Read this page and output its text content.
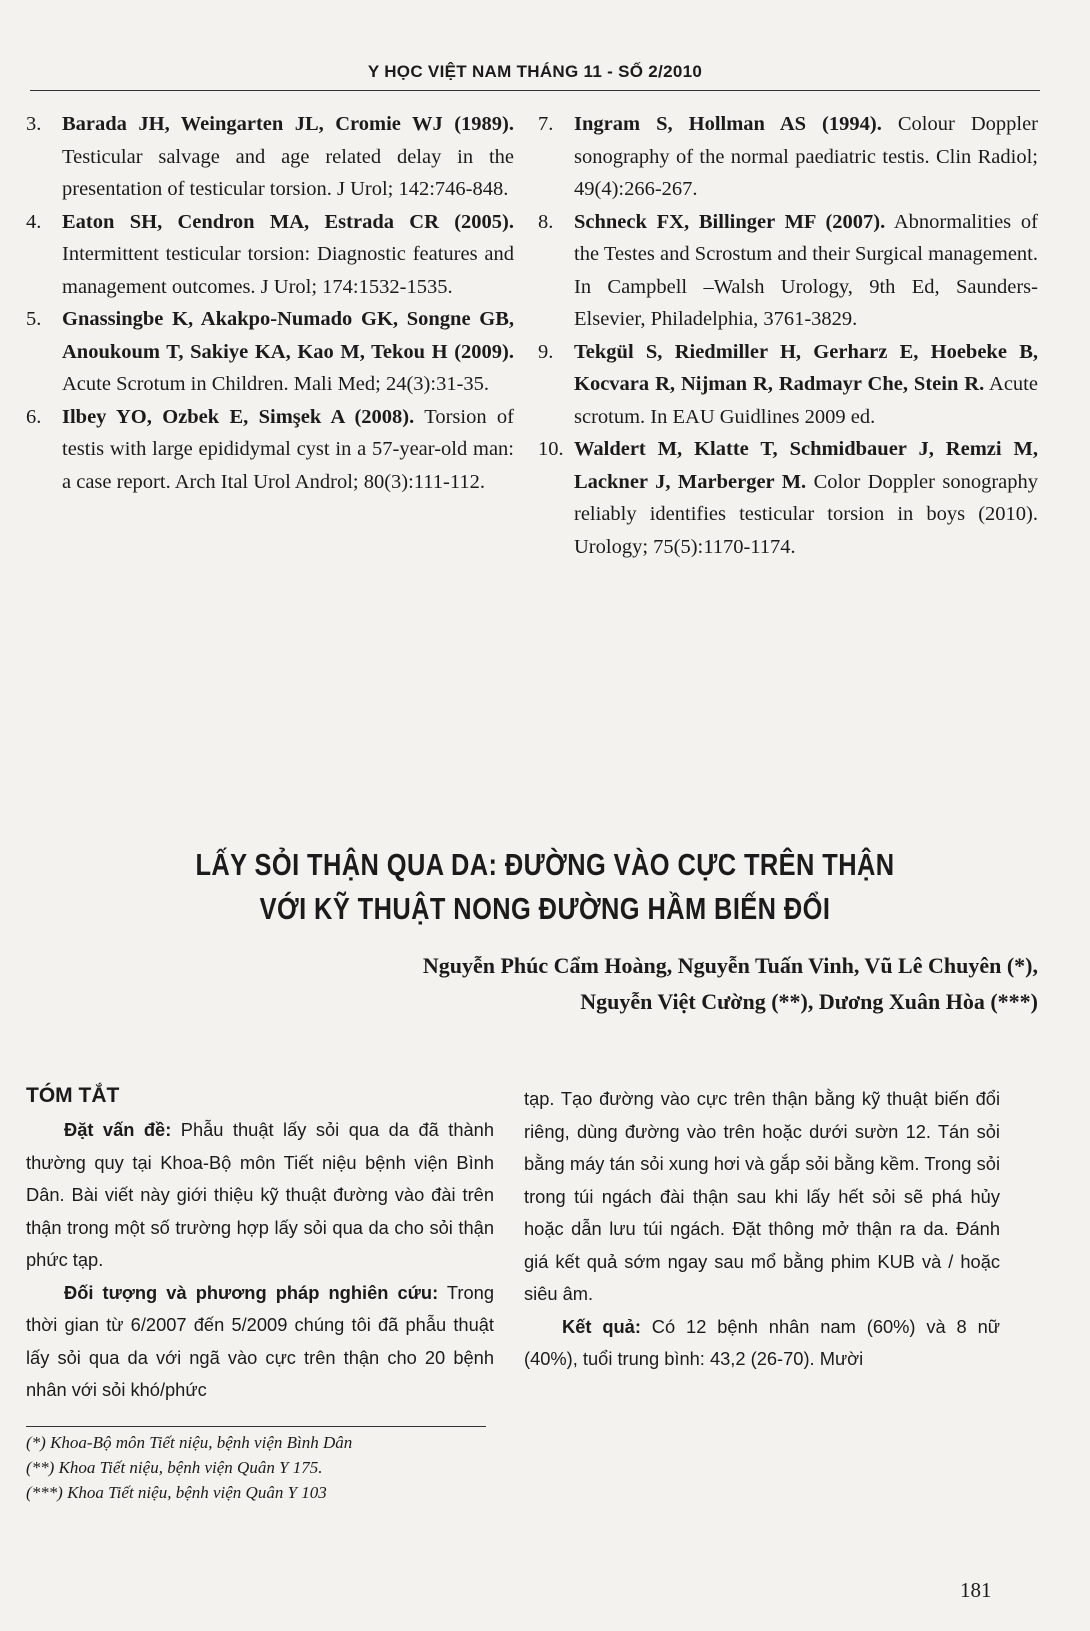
Y HỌC VIỆT NAM THÁNG 11 - SỐ 2/2010

3. Barada JH, Weingarten JL, Cromie WJ (1989). Testicular salvage and age related delay in the presentation of testicular torsion. J Urol; 142:746-848.

4. Eaton SH, Cendron MA, Estrada CR (2005). Intermittent testicular torsion: Diagnostic features and management outcomes. J Urol; 174:1532-1535.

5. Gnassingbe K, Akakpo-Numado GK, Songne GB, Anoukoum T, Sakiye KA, Kao M, Tekou H (2009). Acute Scrotum in Children. Mali Med; 24(3):31-35.

6. Ilbey YO, Ozbek E, Simşek A (2008). Torsion of testis with large epididymal cyst in a 57-year-old man: a case report. Arch Ital Urol Androl; 80(3):111-112.

7. Ingram S, Hollman AS (1994). Colour Doppler sonography of the normal paediatric testis. Clin Radiol; 49(4):266-267.

8. Schneck FX, Billinger MF (2007). Abnormalities of the Testes and Scrostum and their Surgical management. In Campbell –Walsh Urology, 9th Ed, Saunders-Elsevier, Philadelphia, 3761-3829.

9. Tekgül S, Riedmiller H, Gerharz E, Hoebeke B, Kocvara R, Nijman R, Radmayr Che, Stein R. Acute scrotum. In EAU Guidlines 2009 ed.

10. Waldert M, Klatte T, Schmidbauer J, Remzi M, Lackner J, Marberger M. Color Doppler sonography reliably identifies testicular torsion in boys (2010). Urology; 75(5):1170-1174.

LẤY SỎI THẬN QUA DA: ĐƯỜNG VÀO CỰC TRÊN THẬN
VỚI KỸ THUẬT NONG ĐƯỜNG HẦM BIẾN ĐỔI
Nguyễn Phúc Cẩm Hoàng, Nguyễn Tuấn Vinh, Vũ Lê Chuyên (*),
Nguyễn Việt Cường (**), Dương Xuân Hòa (***)
TÓM TẮT

Đặt vấn đề: Phẫu thuật lấy sỏi qua da đã thành thường quy tại Khoa-Bộ môn Tiết niệu bệnh viện Bình Dân. Bài viết này giới thiệu kỹ thuật đường vào đài trên thận trong một số trường hợp lấy sỏi qua da cho sỏi thận phức tạp.

Đối tượng và phương pháp nghiên cứu: Trong thời gian từ 6/2007 đến 5/2009 chúng tôi đã phẫu thuật lấy sỏi qua da với ngã vào cực trên thận cho 20 bệnh nhân với sỏi khó/phức

tạp. Tạo đường vào cực trên thận bằng kỹ thuật biến đổi riêng, dùng đường vào trên hoặc dưới sườn 12. Tán sỏi bằng máy tán sỏi xung hơi và gắp sỏi bằng kềm. Trong sỏi trong túi ngách đài thận sau khi lấy hết sỏi sẽ phá hủy hoặc dẫn lưu túi ngách. Đặt thông mở thận ra da. Đánh giá kết quả sớm ngay sau mổ bằng phim KUB và / hoặc siêu âm.

Kết quả: Có 12 bệnh nhân nam (60%) và 8 nữ (40%), tuổi trung bình: 43,2 (26-70). Mười

(*) Khoa-Bộ môn Tiết niệu, bệnh viện Bình Dân

(**) Khoa Tiết niệu, bệnh viện Quân Y 175.

(***) Khoa Tiết niệu, bệnh viện Quân Y 103

181
